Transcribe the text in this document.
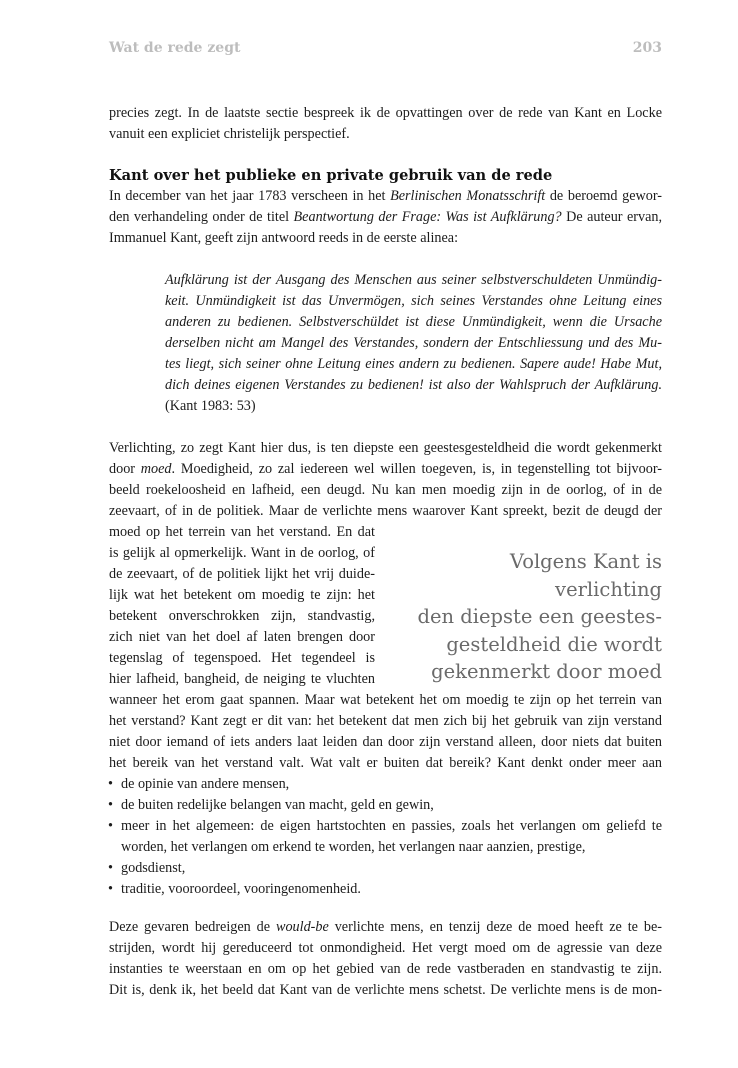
Wat de rede zegt	203

precies zegt. In de laatste sectie bespreek ik de opvattingen over de rede van Kant en Locke

vanuit een expliciet christelijk perspectief.

Kant over het publieke en private gebruik van de rede

In december van het jaar 1783 verscheen in het Berlinischen Monatsschrift de beroemd gewor-

den verhandeling onder de titel Beantwortung der Frage: Was ist Aufklärung? De auteur ervan,

Immanuel Kant, geeft zijn antwoord reeds in de eerste alinea:

Aufklärung ist der Ausgang des Menschen aus seiner selbstverschuldeten Unmündig-

keit. Unmündigkeit ist das Unvermögen, sich seines Verstandes ohne Leitung eines

anderen zu bedienen. Selbstverschüldet ist diese Unmündigkeit, wenn die Ursache

derselben nicht am Mangel des Verstandes, sondern der Entschliessung und des Mu-

tes liegt, sich seiner ohne Leitung eines andern zu bedienen. Sapere aude! Habe Mut,

dich deines eigenen Verstandes zu bedienen! ist also der Wahlspruch der Aufklärung.

(Kant 1983: 53)

Verlichting, zo zegt Kant hier dus, is ten diepste een geestesgesteldheid die wordt gekenmerkt

door moed. Moedigheid, zo zal iedereen wel willen toegeven, is, in tegenstelling tot bijvoor-

beeld roekeloosheid en lafheid, een deugd. Nu kan men moedig zijn in de oorlog, of in de

zeevaart, of in de politiek. Maar de verlichte mens waarover Kant spreekt, bezit de deugd der

moed op het terrein van het verstand. En dat

is gelijk al opmerkelijk. Want in de oorlog, of

de zeevaart, of de politiek lijkt het vrij duide-

lijk wat het betekent om moedig te zijn: het

betekent onverschrokken zijn, standvastig,

zich niet van het doel af laten brengen door

tegenslag of tegenspoed. Het tegendeel is

hier lafheid, bangheid, de neiging te vluchten

wanneer het erom gaat spannen. Maar wat betekent het om moedig te zijn op het terrein van

het verstand? Kant zegt er dit van: het betekent dat men zich bij het gebruik van zijn verstand

niet door iemand of iets anders laat leiden dan door zijn verstand alleen, door niets dat buiten

het bereik van het verstand valt. Wat valt er buiten dat bereik? Kant denkt onder meer aan

Volgens Kant is verlichting
den diepste een geestes-
gesteldheid die wordt
gekenmerkt door moed
• de opinie van andere mensen,

• de buiten redelijke belangen van macht, geld en gewin,

• meer in het algemeen: de eigen hartstochten en passies, zoals het verlangen om geliefd te

worden, het verlangen om erkend te worden, het verlangen naar aanzien, prestige,

• godsdienst,

• traditie, vooroordeel, vooringenomenheid.

Deze gevaren bedreigen de would-be verlichte mens, en tenzij deze de moed heeft ze te be-

strijden, wordt hij gereduceerd tot onmondigheid. Het vergt moed om de agressie van deze

instanties te weerstaan en om op het gebied van de rede vastberaden en standvastig te zijn.

Dit is, denk ik, het beeld dat Kant van de verlichte mens schetst. De verlichte mens is de mon-
